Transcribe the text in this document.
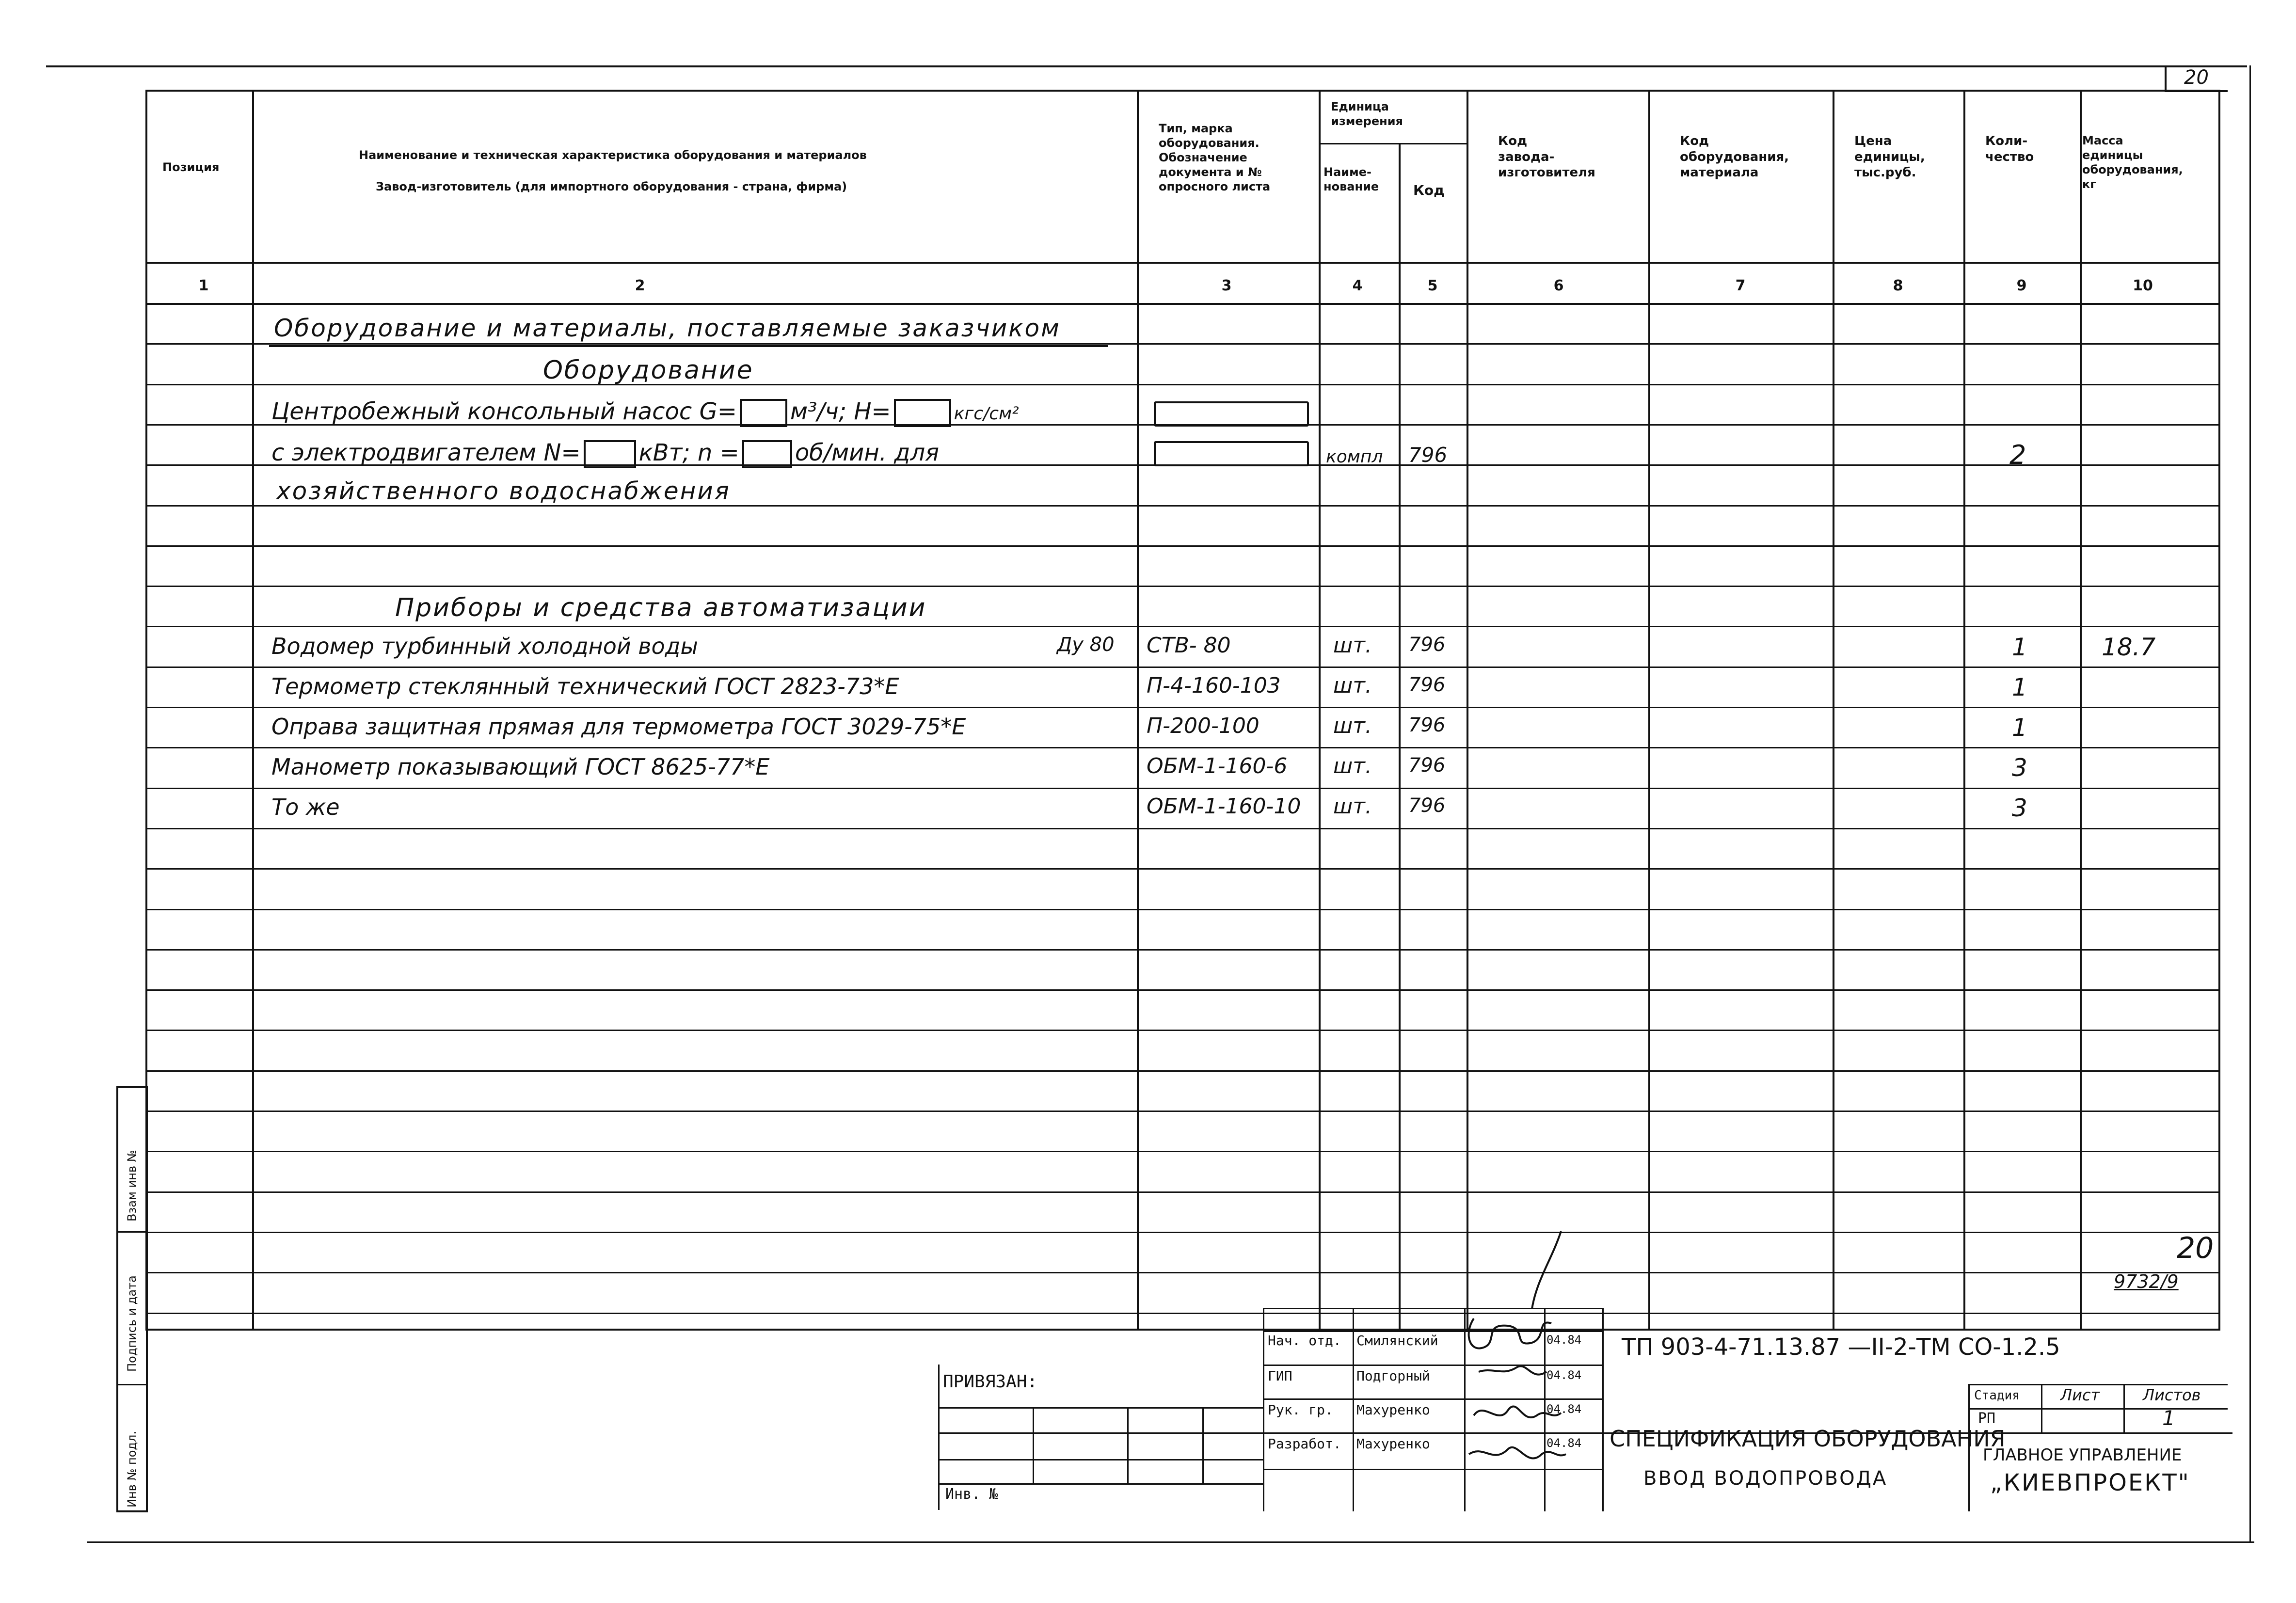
20
Позиция
Наименование и техническая характеристика оборудования и материалов
Завод-изготовитель (для импортного оборудования - страна, фирма)
Тип, марка
оборудования.
Обозначение
документа и №
опросного листа
Единица
измерения
Наиме-
нование	Код
Код
завода-
изготовителя
Код
оборудования,
материала
Цена
единицы,
тыс.руб.
Коли-
чество
Масса
единицы
оборудования,
кг
1	2	3	4	5	6	7	8	9	10
Оборудование и материалы, поставляемые заказчиком
Оборудование
Центробежный консольный насос G= м³/ч; H=	кгс/см²
с электродвигателем N=	кВт; n = об/мин. для	компл 796	2
хозяйственного водоснабжения
Приборы и средства автоматизации
Водомер турбинный холодной воды	Ду 80 СТВ- 80	шт. 796	1	18.7
Термометр стеклянный технический ГОСТ 2823-73*Е	П-4-160-103 шт. 796	1
Оправа защитная прямая для термометра ГОСТ 3029-75*Е	П-200-100	шт. 796	1
Манометр показывающий ГОСТ 8625-77*Е	ОБМ-1-160-6 шт. 796	3
То же	ОБМ-1-160-10 шт. 796	3
20
9732/9
Инв № подл.
Подпись и дата
Взам инв №
ПРИВЯЗАН:
Инв. №
Нач. отд. Смилянский	04.84
ГИП	Подгорный	04.84
Рук. гр. Махуренко	04.84
Разработ. Махуренко	04.84
ТП 903-4-71.13.87 —II-2-ТМ СО-1.2.5
СПЕЦИФИКАЦИЯ ОБОРУДОВАНИЯ
ВВОД ВОДОПРОВОДА
Стадия	Лист	Листов
РП	1
ГЛАВНОЕ УПРАВЛЕНИЕ
„КИЕВПРОЕКТ"
